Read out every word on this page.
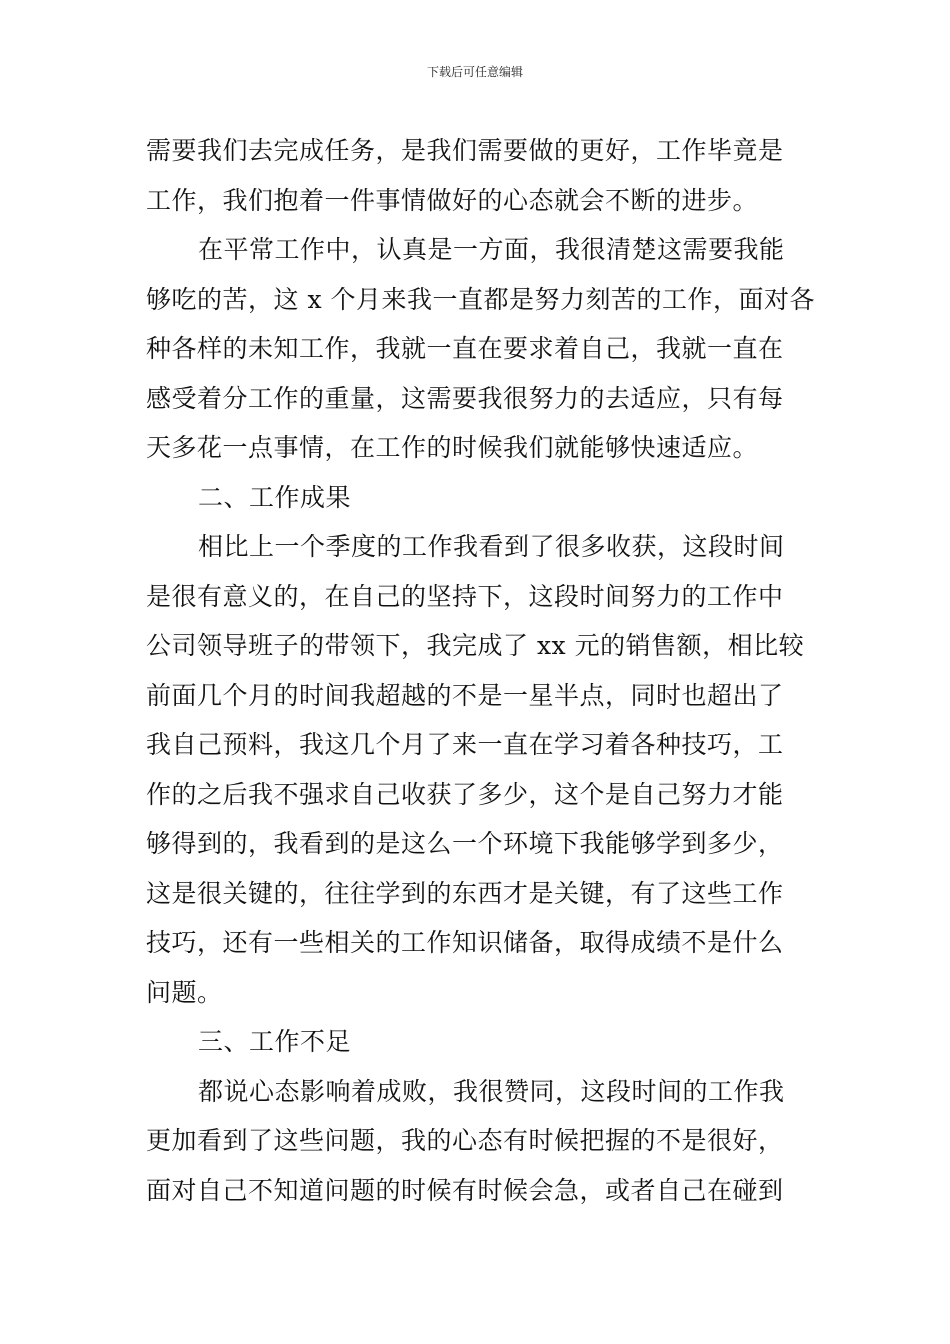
下载后可任意编辑
需要我们去完成任务，是我们需要做的更好，工作毕竟是
工作，我们抱着一件事情做好的心态就会不断的进步。
在平常工作中，认真是一方面，我很清楚这需要我能
够吃的苦，这 x 个月来我一直都是努力刻苦的工作，面对各
种各样的未知工作，我就一直在要求着自己，我就一直在
感受着分工作的重量，这需要我很努力的去适应，只有每
天多花一点事情，在工作的时候我们就能够快速适应。
二、工作成果
相比上一个季度的工作我看到了很多收获，这段时间
是很有意义的，在自己的坚持下，这段时间努力的工作中
公司领导班子的带领下，我完成了 xx 元的销售额，相比较
前面几个月的时间我超越的不是一星半点，同时也超出了
我自己预料，我这几个月了来一直在学习着各种技巧，工
作的之后我不强求自己收获了多少，这个是自己努力才能
够得到的，我看到的是这么一个环境下我能够学到多少，
这是很关键的，往往学到的东西才是关键，有了这些工作
技巧，还有一些相关的工作知识储备，取得成绩不是什么
问题。
三、工作不足
都说心态影响着成败，我很赞同，这段时间的工作我
更加看到了这些问题，我的心态有时候把握的不是很好，
面对自己不知道问题的时候有时候会急，或者自己在碰到
